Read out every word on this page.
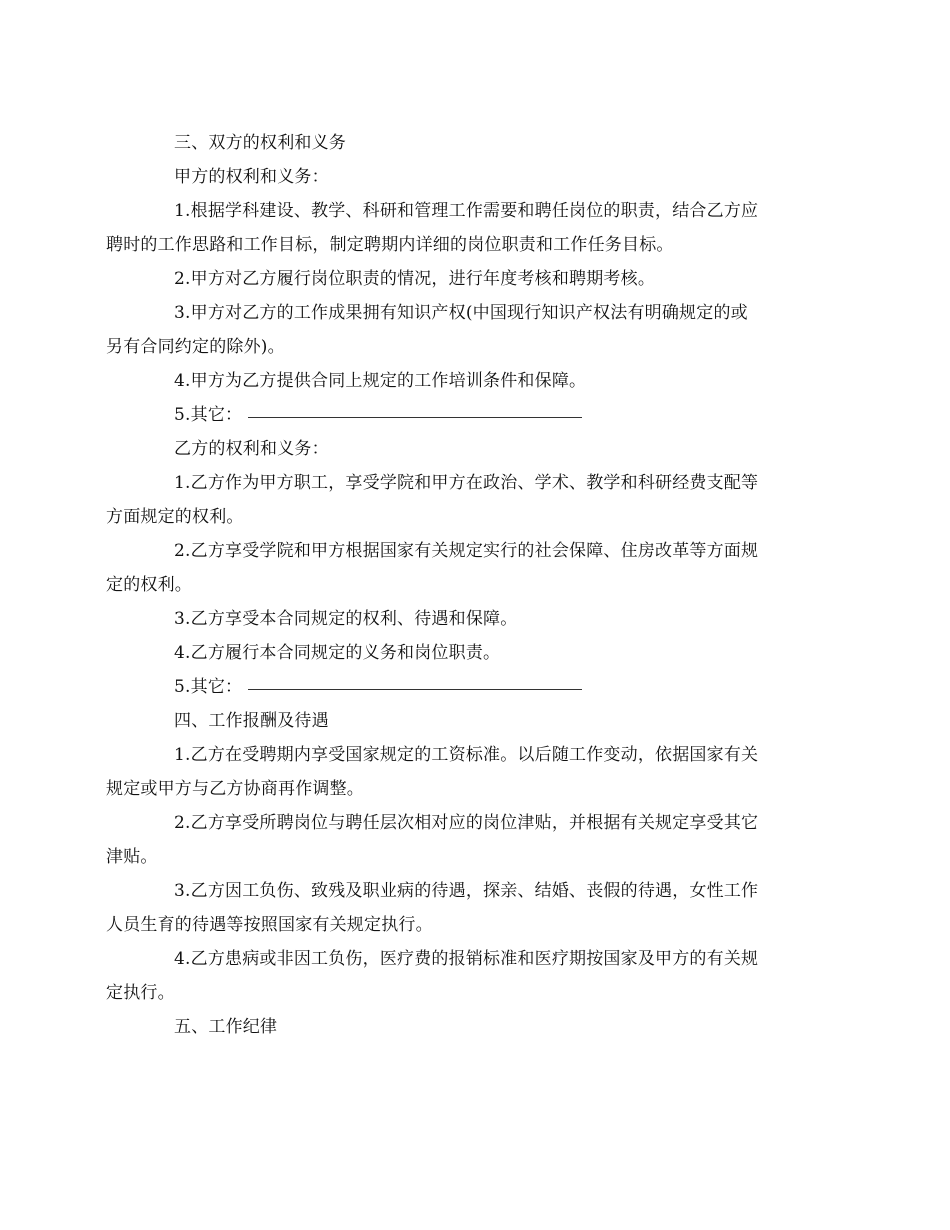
三、双方的权利和义务

甲方的权利和义务：

1.根据学科建设、教学、科研和管理工作需要和聘任岗位的职责，结合乙方应
聘时的工作思路和工作目标，制定聘期内详细的岗位职责和工作任务目标。

2.甲方对乙方履行岗位职责的情况，进行年度考核和聘期考核。

3.甲方对乙方的工作成果拥有知识产权(中国现行知识产权法有明确规定的或
另有合同约定的除外)。

4.甲方为乙方提供合同上规定的工作培训条件和保障。

5.其它：

乙方的权利和义务：

1.乙方作为甲方职工，享受学院和甲方在政治、学术、教学和科研经费支配等
方面规定的权利。

2.乙方享受学院和甲方根据国家有关规定实行的社会保障、住房改革等方面规
定的权利。

3.乙方享受本合同规定的权利、待遇和保障。

4.乙方履行本合同规定的义务和岗位职责。

5.其它：

四、工作报酬及待遇

1.乙方在受聘期内享受国家规定的工资标准。以后随工作变动，依据国家有关
规定或甲方与乙方协商再作调整。

2.乙方享受所聘岗位与聘任层次相对应的岗位津贴，并根据有关规定享受其它
津贴。

3.乙方因工负伤、致残及职业病的待遇，探亲、结婚、丧假的待遇，女性工作
人员生育的待遇等按照国家有关规定执行。

4.乙方患病或非因工负伤，医疗费的报销标准和医疗期按国家及甲方的有关规
定执行。

五、工作纪律
